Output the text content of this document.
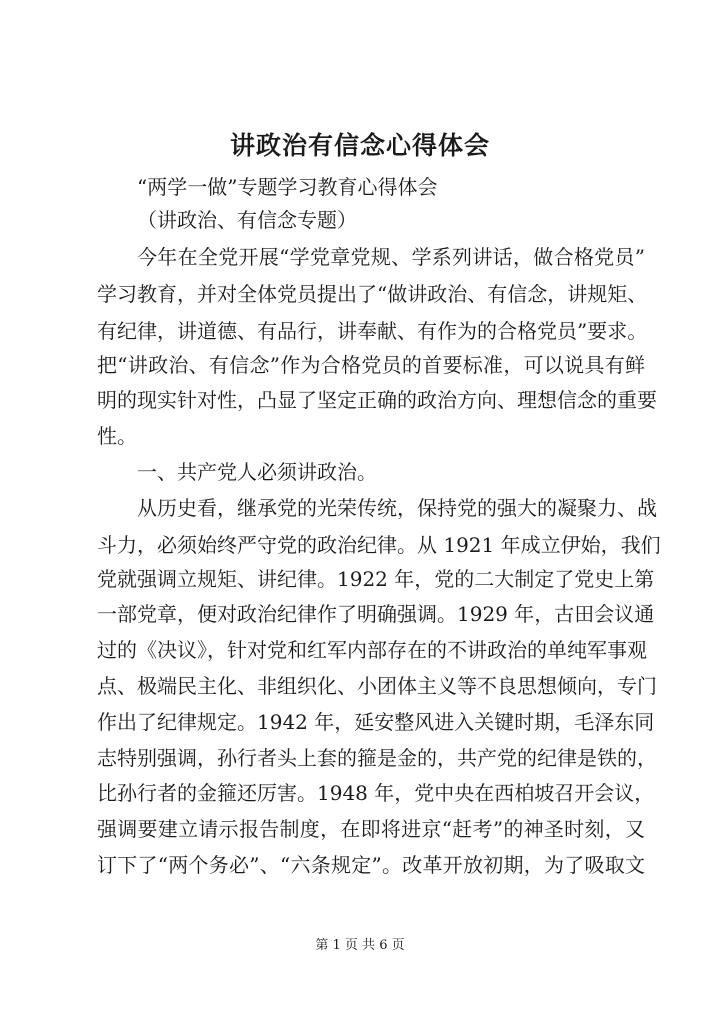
讲政治有信念心得体会
“两学一做”专题学习教育心得体会
（讲政治、有信念专题）
今年在全党开展“学党章党规、学系列讲话，做合格党员”
学习教育，并对全体党员提出了“做讲政治、有信念，讲规矩、
有纪律，讲道德、有品行，讲奉献、有作为的合格党员”要求。
把“讲政治、有信念”作为合格党员的首要标准，可以说具有鲜
明的现实针对性，凸显了坚定正确的政治方向、理想信念的重要
性。
一、共产党人必须讲政治。
从历史看，继承党的光荣传统，保持党的强大的凝聚力、战
斗力，必须始终严守党的政治纪律。从 1921 年成立伊始，我们
党就强调立规矩、讲纪律。1922 年，党的二大制定了党史上第
一部党章，便对政治纪律作了明确强调。1929 年，古田会议通
过的《决议》，针对党和红军内部存在的不讲政治的单纯军事观
点、极端民主化、非组织化、小团体主义等不良思想倾向，专门
作出了纪律规定。1942 年，延安整风进入关键时期，毛泽东同
志特别强调，孙行者头上套的箍是金的，共产党的纪律是铁的，
比孙行者的金箍还厉害。1948 年，党中央在西柏坡召开会议，
强调要建立请示报告制度，在即将进京“赶考”的神圣时刻，又
订下了“两个务必”、“六条规定”。改革开放初期，为了吸取文
第 1 页 共 6 页
